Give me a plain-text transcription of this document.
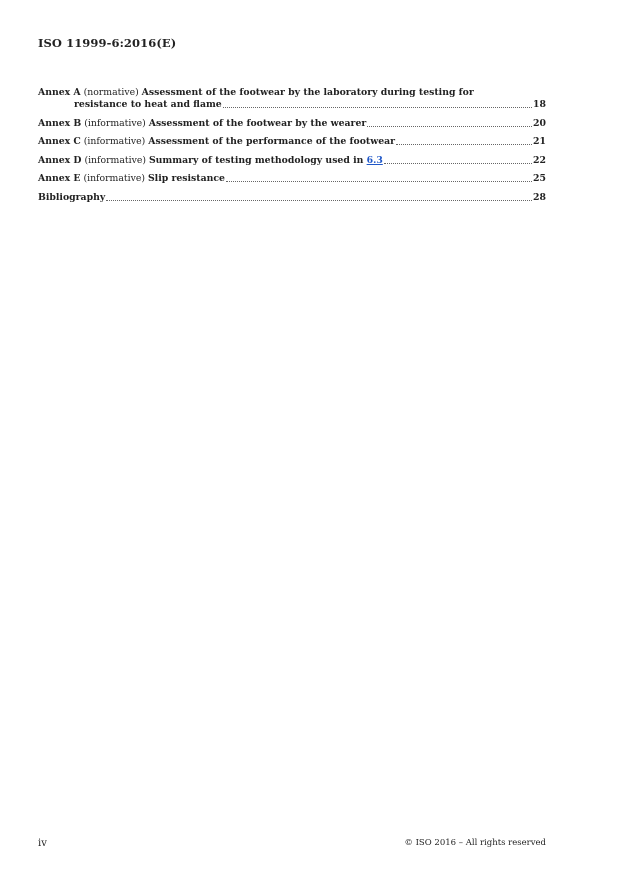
ISO 11999-6:2016(E)
Annex A (normative) Assessment of the footwear by the laboratory during testing for
resistance to heat and flame	18
Annex B (informative) Assessment of the footwear by the wearer	20
Annex C (informative) Assessment of the performance of the footwear	21
Annex D (informative) Summary of testing methodology used in 6.3	22
Annex E (informative) Slip resistance	25
Bibliography	28
iv	© ISO 2016 – All rights reserved
